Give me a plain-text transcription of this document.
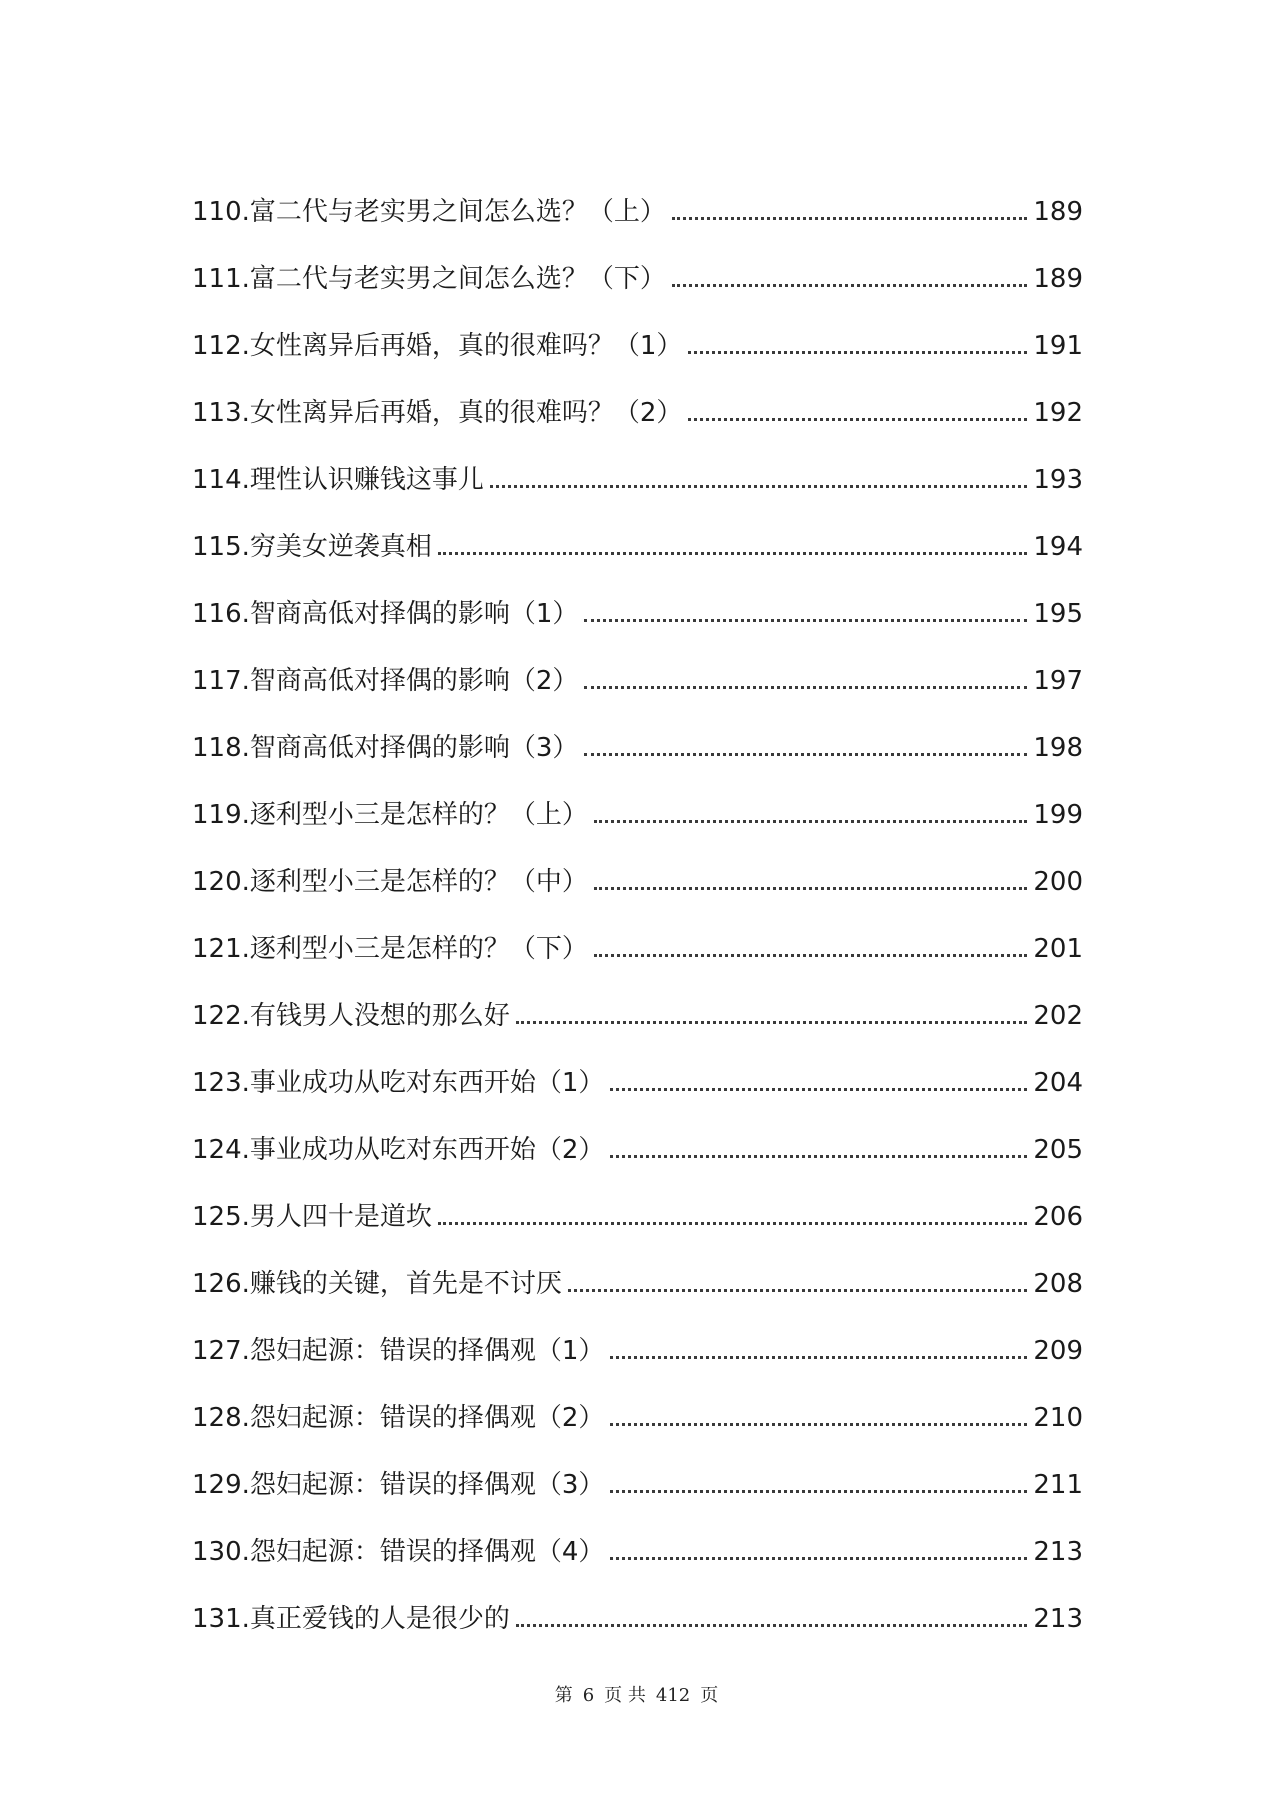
110.富二代与老实男之间怎么选？（上）	189
111.富二代与老实男之间怎么选？（下）	189
112.女性离异后再婚，真的很难吗？（1）	191
113.女性离异后再婚，真的很难吗？（2）	192
114.理性认识赚钱这事儿	193
115.穷美女逆袭真相	194
116.智商高低对择偶的影响（1）	195
117.智商高低对择偶的影响（2）	197
118.智商高低对择偶的影响（3）	198
119.逐利型小三是怎样的？（上）	199
120.逐利型小三是怎样的？（中）	200
121.逐利型小三是怎样的？（下）	201
122.有钱男人没想的那么好	202
123.事业成功从吃对东西开始（1）	204
124.事业成功从吃对东西开始（2）	205
125.男人四十是道坎	206
126.赚钱的关键，首先是不讨厌	208
127.怨妇起源：错误的择偶观（1）	209
128.怨妇起源：错误的择偶观（2）	210
129.怨妇起源：错误的择偶观（3）	211
130.怨妇起源：错误的择偶观（4）	213
131.真正爱钱的人是很少的	213
第 6 页 共 412 页
